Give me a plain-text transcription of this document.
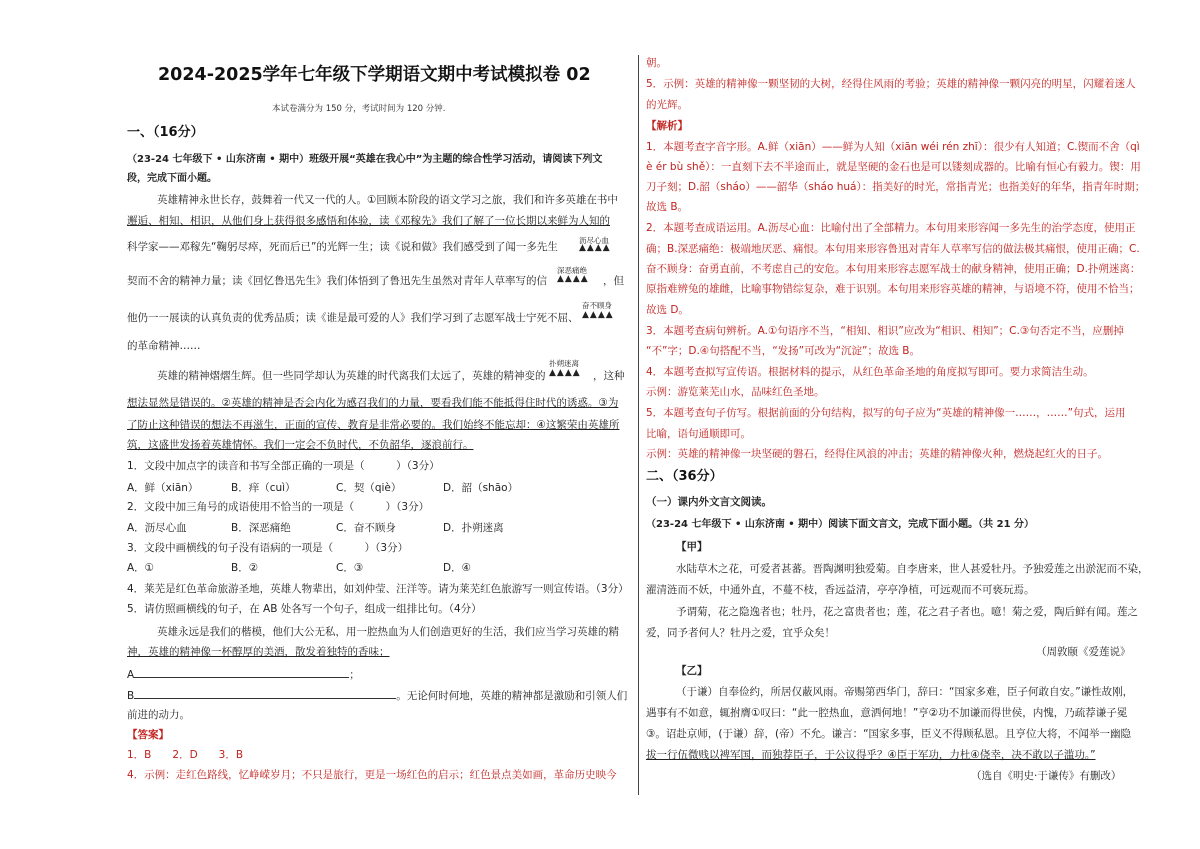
2024-2025学年七年级下学期语文期中考试模拟卷 02
本试卷满分为 150 分，考试时间为 120 分钟.
一、（16分）
（23-24 七年级下 • 山东济南 • 期中）班级开展“英雄在我心中”为主题的综合性学习活动，请阅读下列文
段，完成下面小题。
英雄精神永世长存，鼓舞着一代又一代的人。①回顾本阶段的语文学习之旅，我们和许多英雄在书中
邂逅、相知、相识，从他们身上获得很多感悟和体验，读《邓稼先》我们了解了一位长期以来鲜为人知的
科学家——邓稼先“鞠躬尽瘁，死而后已”的光辉一生；读《说和做》我们感受到了闻一多先生
沥尽心血
▲▲▲▲
契而不舍的精神力量；读《回忆鲁迅先生》我们体悟到了鲁迅先生虽然对青年人草率写的信
深恶痛绝
▲▲▲▲ ，但
他仍一一展读的认真负责的优秀品质；读《谁是最可爱的人》我们学习到了志愿军战士宁死不屈、
奋不顾身
▲▲▲▲
的革命精神……
英雄的精神熠熠生辉。但一些同学却认为英雄的时代离我们太远了，英雄的精神变的
扑朔迷离
▲▲▲▲ ，这种
想法显然是错误的。②英雄的精神是否会内化为感召我们的力量，要看我们能不能抵得住时代的诱惑。③为
了防止这种错误的想法不再滋生，正面的宣传、教育是非常必要的。我们始终不能忘却：④这繁荣由英雄所
筑，这盛世发扬着英雄情怀。我们一定会不负时代，不负韶华，逐浪前行。
1．文段中加点字的读音和书写全部正确的一项是（　　　）（3分）
A．鲜（xiān）	B．痒（cuì）	C．契（qiè）	D．韶（shāo）
2．文段中加三角号的成语使用不恰当的一项是（　　　）（3分）
A．沥尽心血	B．深恶痛绝	C．奋不顾身	D．扑朔迷离
3．文段中画横线的句子没有语病的一项是（　　　）（3分）
A．①	B．②	C．③	D．④
4．莱芜是红色革命旅游圣地，英雄人物辈出，如刘仲莹、汪洋等。请为莱芜红色旅游写一则宣传语。（3分）
5．请仿照画横线的句子，在 AB 处各写一个句子，组成一组排比句。（4分）
英雄永远是我们的楷模，他们大公无私，用一腔热血为人们创造更好的生活，我们应当学习英雄的精
神，英雄的精神像一杯醇厚的美酒，散发着独特的香味；
A	；
B	。无论何时何地，英雄的精神都是激励和引领人们
前进的动力。
【答案】
1．B　　2．D　　3．B
4．示例：走红色路线，忆峥嵘岁月；不只是旅行，更是一场红色的启示；红色景点美如画，革命历史映今
朝。
5．示例：英雄的精神像一颗坚韧的大树，经得住风雨的考验；英雄的精神像一颗闪亮的明星，闪耀着迷人
的光辉。
【解析】
1．本题考查字音字形。A.鲜（xiān）——鲜为人知（xiān wéi rén zhī）：很少有人知道；C.锲而不舍（qì
è ér bù shě）：一直刻下去不半途而止，就是坚硬的金石也是可以镂刻成器的。比喻有恒心有毅力。锲：用
刀子刻；D.韶（sháo）——韶华（sháo huá）：指美好的时光，常指青光；也指美好的年华，指青年时期；
故选 B。
2．本题考查成语运用。A.沥尽心血：比喻付出了全部精力。本句用来形容闻一多先生的治学态度，使用正
确；B.深恶痛绝：极端地厌恶、痛恨。本句用来形容鲁迅对青年人草率写信的做法极其痛恨，使用正确；C.
奋不顾身：奋勇直前，不考虑自己的安危。本句用来形容志愿军战士的献身精神，使用正确；D.扑朔迷离：
原指难辨兔的雄雌，比喻事物错综复杂，难于识别。本句用来形容英雄的精神，与语境不符，使用不恰当；
故选 D。
3．本题考查病句辨析。A.①句语序不当，“相知、相识”应改为“相识、相知”；C.③句否定不当，应删掉
“不”字；D.④句搭配不当，“发扬”可改为“沉淀”；故选 B。
4．本题考查拟写宣传语。根据材料的提示，从红色革命圣地的角度拟写即可。要力求简洁生动。
示例：游览莱芜山水，品味红色圣地。
5．本题考查句子仿写。根据前面的分句结构，拟写的句子应为“英雄的精神像一……，……”句式，运用
比喻，语句通顺即可。
示例：英雄的精神像一块坚硬的磐石，经得住风浪的冲击；英雄的精神像火种，燃烧起红火的日子。
二、（36分）
（一）课内外文言文阅读。
（23-24 七年级下 • 山东济南 • 期中）阅读下面文言文，完成下面小题。（共 21 分）
【甲】
水陆草木之花，可爱者甚蕃。晋陶渊明独爱菊。自李唐来，世人甚爱牡丹。予独爱莲之出淤泥而不染，
濯清涟而不妖，中通外直，不蔓不枝，香远益清，亭亭净植，可远观而不可亵玩焉。
予谓菊，花之隐逸者也；牡丹，花之富贵者也；莲，花之君子者也。噫！菊之爱，陶后鲜有闻。莲之
爱，同予者何人？牡丹之爱，宜乎众矣！
（周敦颐《爱莲说》
【乙】
（于谦）自奉俭约，所居仅蔽风雨。帝赐第西华门，辞曰：“国家多难，臣子何敢自安。”谦性故刚，
遇事有不如意，辄拊膺①叹曰：“此一腔热血，意洒何地！”亨②功不加谦而得世侯，内愧，乃疏荐谦子冕
③。诏赴京师，(于谦）辞，(帝）不允。谦言：“国家多事，臣义不得顾私恩。且亨位大将，不闻举一幽隐
拔一行伍微贱以裨军国，而独荐臣子，于公议得乎？④臣于军功，力杜④侥幸，决不敢以子滥功。”
（选自《明史·于谦传》有删改）
